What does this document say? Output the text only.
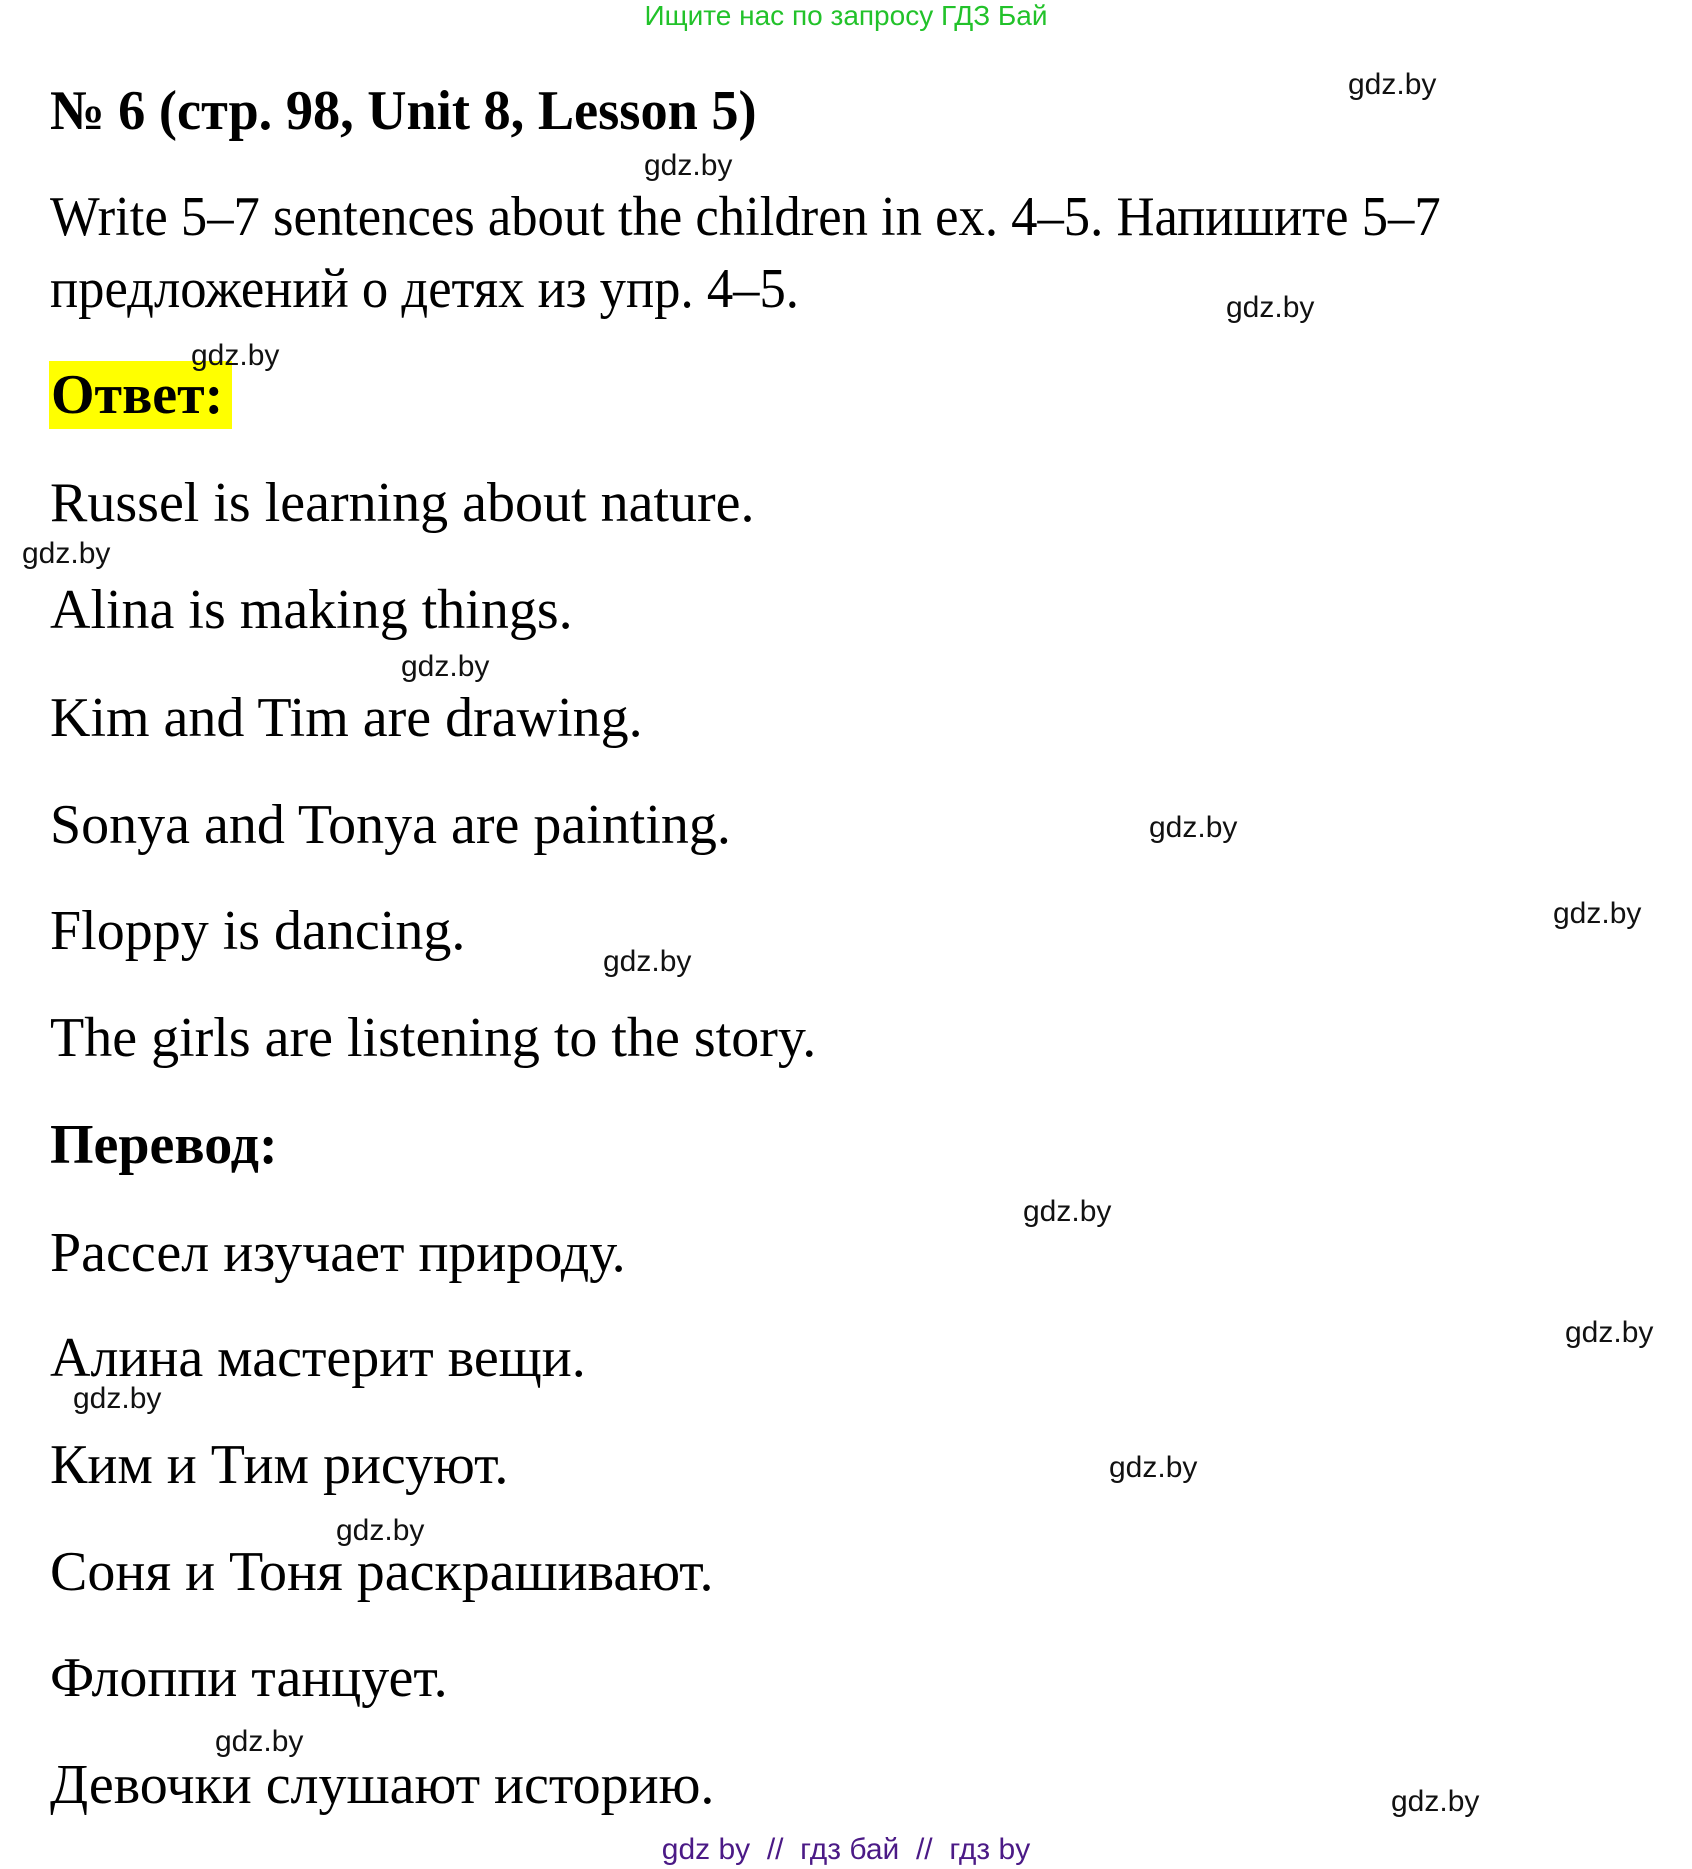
Ищите нас по запросу ГДЗ Бай
№ 6 (стр. 98, Unit 8, Lesson 5)
Write 5–7 sentences about the children in ex. 4–5. Напишите 5–7
предложений о детях из упр. 4–5.
Ответ:
Russel is learning about nature.
Alina is making things.
Kim and Tim are drawing.
Sonya and Tonya are painting.
Floppy is dancing.
The girls are listening to the story.
Перевод:
Рассел изучает природу.
Алина мастерит вещи.
Ким и Тим рисуют.
Соня и Тоня раскрашивают.
Флоппи танцует.
Девочки слушают историю.
gdz.by
gdz.by
gdz.by
gdz.by
gdz.by
gdz.by
gdz.by
gdz.by
gdz.by
gdz.by
gdz.by
gdz.by
gdz.by
gdz.by
gdz.by
gdz.by
gdz by  //  гдз бай  //  гдз by
